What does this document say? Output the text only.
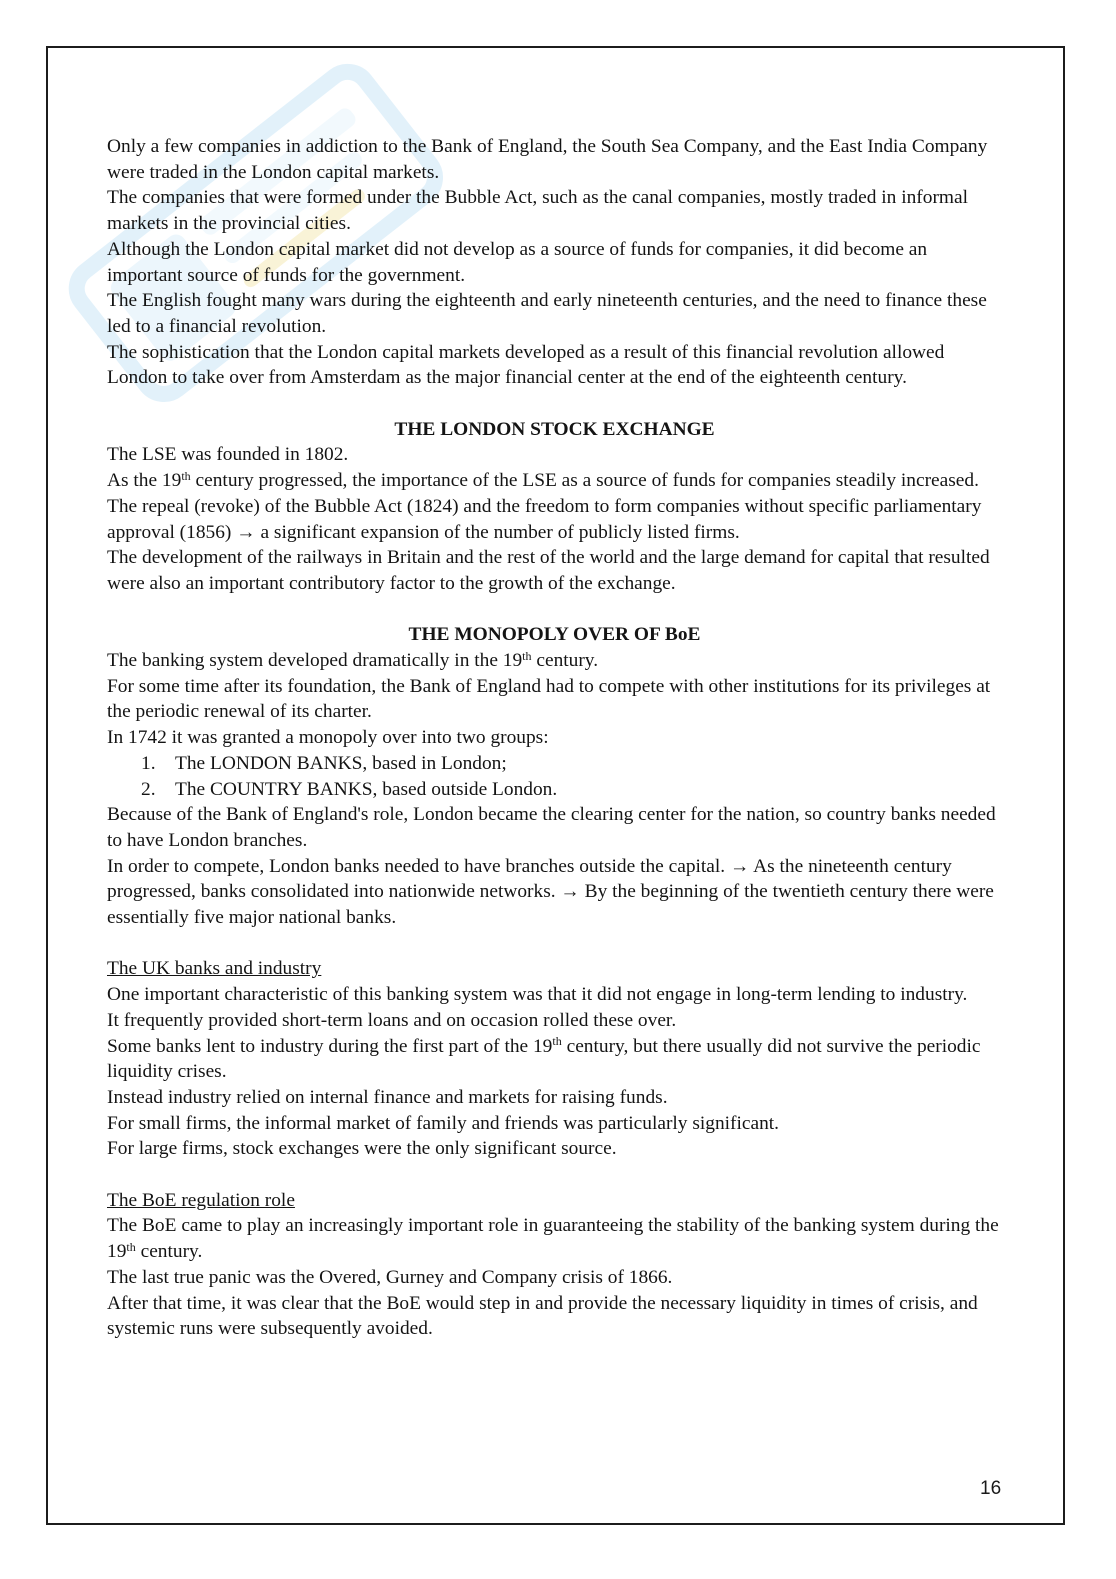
Only a few companies in addiction to the Bank of England, the South Sea Company, and the East India Company were traded in the London capital markets.

The companies that were formed under the Bubble Act, such as the canal companies, mostly traded in informal markets in the provincial cities.

Although the London capital market did not develop as a source of funds for companies, it did become an important source of funds for the government.

The English fought many wars during the eighteenth and early nineteenth centuries, and the need to finance these led to a financial revolution.

The sophistication that the London capital markets developed as a result of this financial revolution allowed London to take over from Amsterdam as the major financial center at the end of the eighteenth century.

THE LONDON STOCK EXCHANGE

The LSE was founded in 1802.

As the 19th century progressed, the importance of the LSE as a source of funds for companies steadily increased.

The repeal (revoke) of the Bubble Act (1824) and the freedom to form companies without specific parliamentary approval (1856) → a significant expansion of the number of publicly listed firms.

The development of the railways in Britain and the rest of the world and the large demand for capital that resulted were also an important contributory factor to the growth of the exchange.

THE MONOPOLY OVER OF BoE

The banking system developed dramatically in the 19th century.

For some time after its foundation, the Bank of England had to compete with other institutions for its privileges at the periodic renewal of its charter.

In 1742 it was granted a monopoly over into two groups:

1. The LONDON BANKS, based in London;
2. The COUNTRY BANKS, based outside London.

Because of the Bank of England's role, London became the clearing center for the nation, so country banks needed to have London branches.

In order to compete, London banks needed to have branches outside the capital. → As the nineteenth century progressed, banks consolidated into nationwide networks. → By the beginning of the twentieth century there were essentially five major national banks.

The UK banks and industry

One important characteristic of this banking system was that it did not engage in long-term lending to industry.

It frequently provided short-term loans and on occasion rolled these over.

Some banks lent to industry during the first part of the 19th century, but there usually did not survive the periodic liquidity crises.

Instead industry relied on internal finance and markets for raising funds.

For small firms, the informal market of family and friends was particularly significant.

For large firms, stock exchanges were the only significant source.

The BoE regulation role

The BoE came to play an increasingly important role in guaranteeing the stability of the banking system during the 19th century.

The last true panic was the Overed, Gurney and Company crisis of 1866.

After that time, it was clear that the BoE would step in and provide the necessary liquidity in times of crisis, and systemic runs were subsequently avoided.

16
